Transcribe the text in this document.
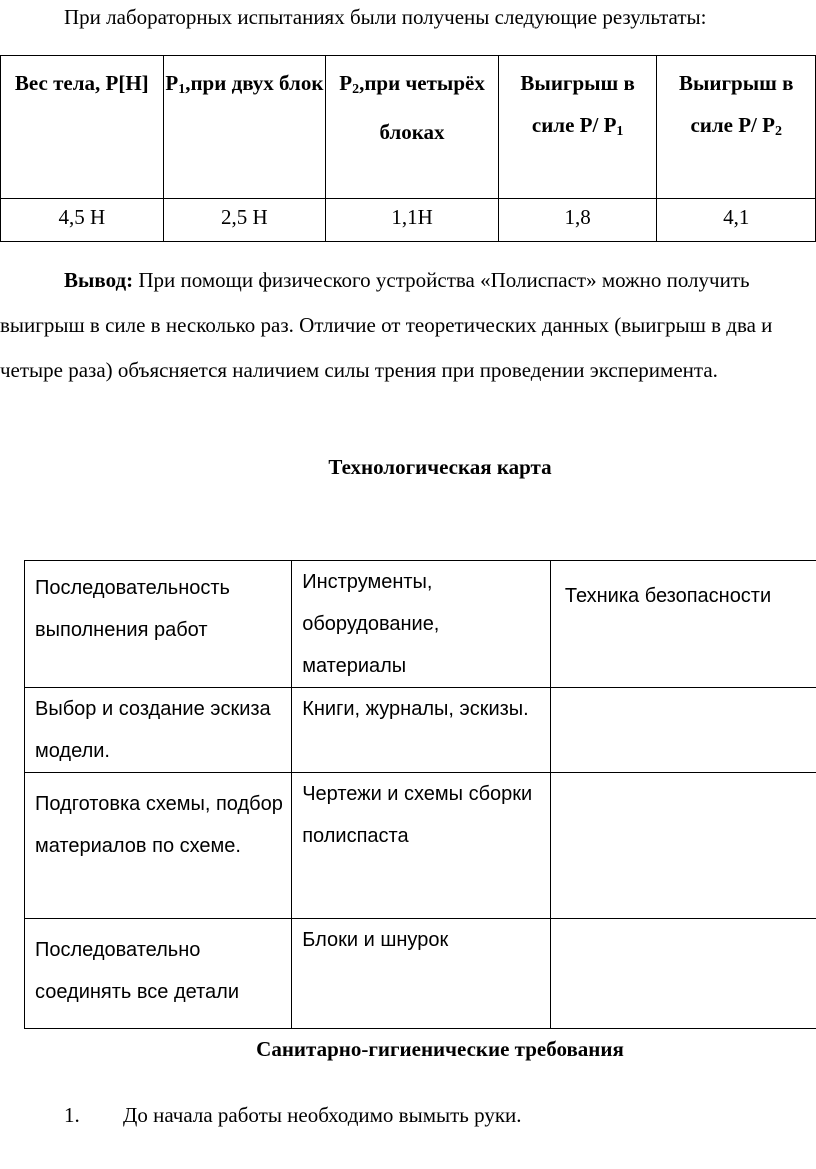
При лабораторных испытаниях были получены следующие результаты:

Вес тела, Р[Н]	$Р_1,при$ двух блок	$Р_2,при$ четырёх блоках	Выигрыш в силе Р/ $Р_1$	Выигрыш в силе Р/ $Р_2$
4,5 Н	2,5 Н	1,1Н	1,8	4,1

Вывод: При помощи физического устройства «Полиспаст» можно получить выигрыш в силе в несколько раз. Отличие от теоретических данных (выигрыш в два и четыре раза) объясняется наличием силы трения при проведении эксперимента.

Технологическая карта
Последовательность выполнения работ	Инструменты, оборудование, материалы	Техника безопасности

Выбор и создание эскиза модели.	Книги, журналы, эскизы.	

Подготовка схемы, подбор материалов по схеме.	Чертежи и схемы сборки полиспаста	

Последовательно соединять все детали	Блоки и шнурок	

Санитарно-гигиенические требования
1. До начала работы необходимо вымыть руки.
